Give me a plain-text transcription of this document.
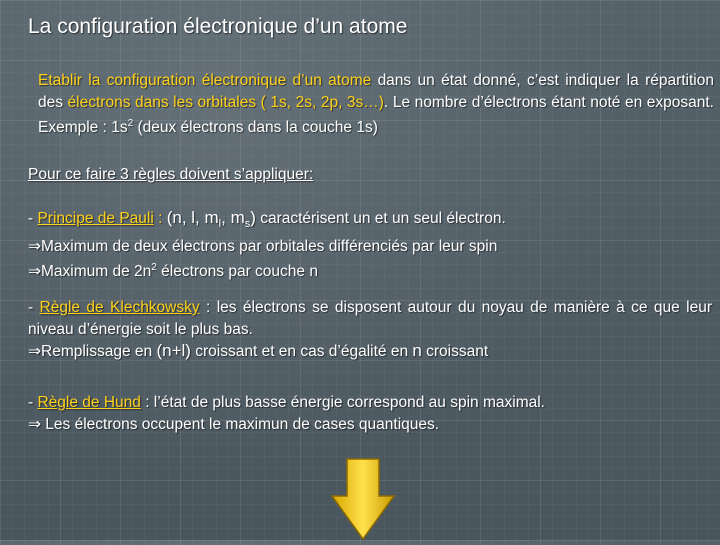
La configuration électronique d’un atome
Etablir la configuration électronique d’un atome dans un état donné, c’est indiquer la répartition des électrons dans les orbitales ( 1s, 2s, 2p, 3s…). Le nombre d’électrons étant noté en exposant. Exemple : $1s^2$ (deux électrons dans la couche 1s)
Pour ce faire 3 règles doivent s’appliquer:
- Principe de Pauli : (n, l, $m_l$, $m_s$) caractérisent un et un seul électron.
⇒Maximum de deux électrons par orbitales différenciés par leur spin
⇒Maximum de $2n^2$ électrons par couche n
- Règle de Klechkowsky : les électrons se disposent autour du noyau de manière à ce que leur niveau d’énergie soit le plus bas.
⇒Remplissage en (n+l) croissant et en cas d’égalité en n croissant
- Règle de Hund : l’état de plus basse énergie correspond au spin maximal.
⇒ Les électrons occupent le maximun de cases quantiques.
